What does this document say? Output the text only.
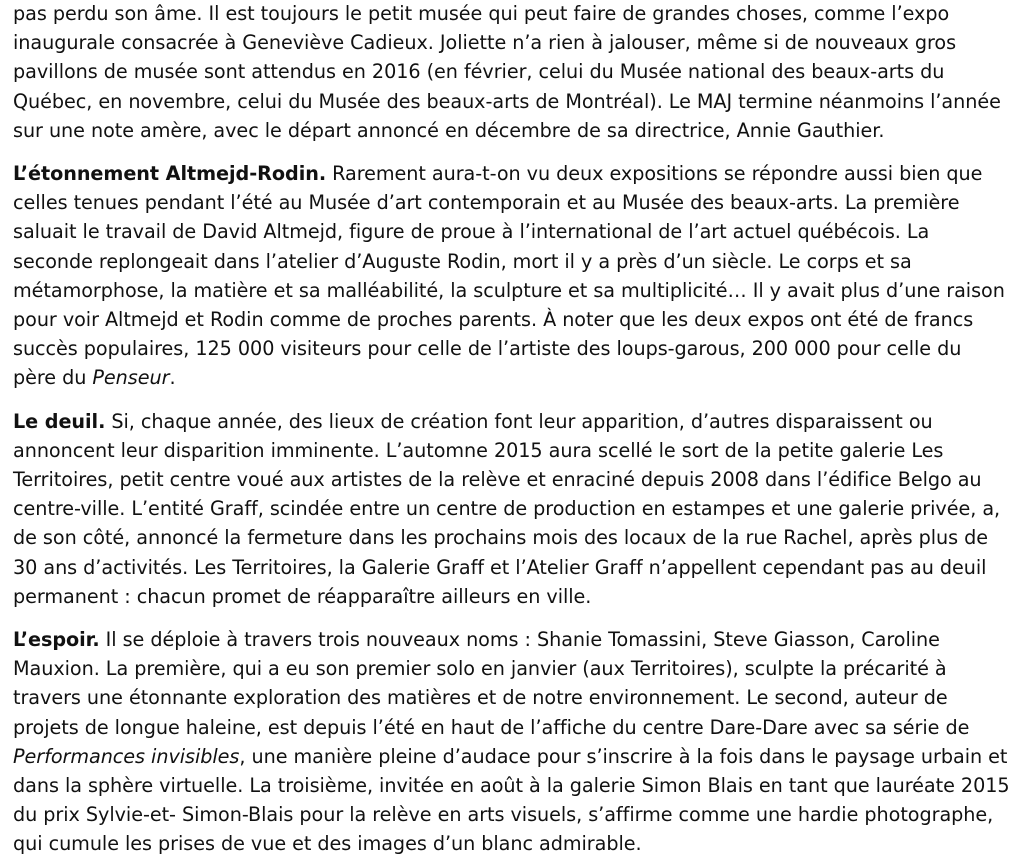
pas perdu son âme. Il est toujours le petit musée qui peut faire de grandes choses, comme l’expo inaugurale consacrée à Geneviève Cadieux. Joliette n’a rien à jalouser, même si de nouveaux gros pavillons de musée sont attendus en 2016 (en février, celui du Musée national des beaux-arts du Québec, en novembre, celui du Musée des beaux-arts de Montréal). Le MAJ termine néanmoins l’année sur une note amère, avec le départ annoncé en décembre de sa directrice, Annie Gauthier.

L’étonnement Altmejd-Rodin. Rarement aura-t-on vu deux expositions se répondre aussi bien que celles tenues pendant l’été au Musée d’art contemporain et au Musée des beaux-arts. La première saluait le travail de David Altmejd, figure de proue à l’international de l’art actuel québécois. La seconde replongeait dans l’atelier d’Auguste Rodin, mort il y a près d’un siècle. Le corps et sa métamorphose, la matière et sa malléabilité, la sculpture et sa multiplicité… Il y avait plus d’une raison pour voir Altmejd et Rodin comme de proches parents. À noter que les deux expos ont été de francs succès populaires, 125 000 visiteurs pour celle de l’artiste des loups-garous, 200 000 pour celle du père du Penseur.

Le deuil. Si, chaque année, des lieux de création font leur apparition, d’autres disparaissent ou annoncent leur disparition imminente. L’automne 2015 aura scellé le sort de la petite galerie Les Territoires, petit centre voué aux artistes de la relève et enraciné depuis 2008 dans l’édifice Belgo au centre-ville. L’entité Graff, scindée entre un centre de production en estampes et une galerie privée, a, de son côté, annoncé la fermeture dans les prochains mois des locaux de la rue Rachel, après plus de 30 ans d’activités. Les Territoires, la Galerie Graff et l’Atelier Graff n’appellent cependant pas au deuil permanent : chacun promet de réapparaître ailleurs en ville.

L’espoir. Il se déploie à travers trois nouveaux noms : Shanie Tomassini, Steve Giasson, Caroline Mauxion. La première, qui a eu son premier solo en janvier (aux Territoires), sculpte la précarité à travers une étonnante exploration des matières et de notre environnement. Le second, auteur de projets de longue haleine, est depuis l’été en haut de l’affiche du centre Dare-Dare avec sa série de Performances invisibles, une manière pleine d’audace pour s’inscrire à la fois dans le paysage urbain et dans la sphère virtuelle. La troisième, invitée en août à la galerie Simon Blais en tant que lauréate 2015 du prix Sylvie-et- Simon-Blais pour la relève en arts visuels, s’affirme comme une hardie photographe, qui cumule les prises de vue et des images d’un blanc admirable.
